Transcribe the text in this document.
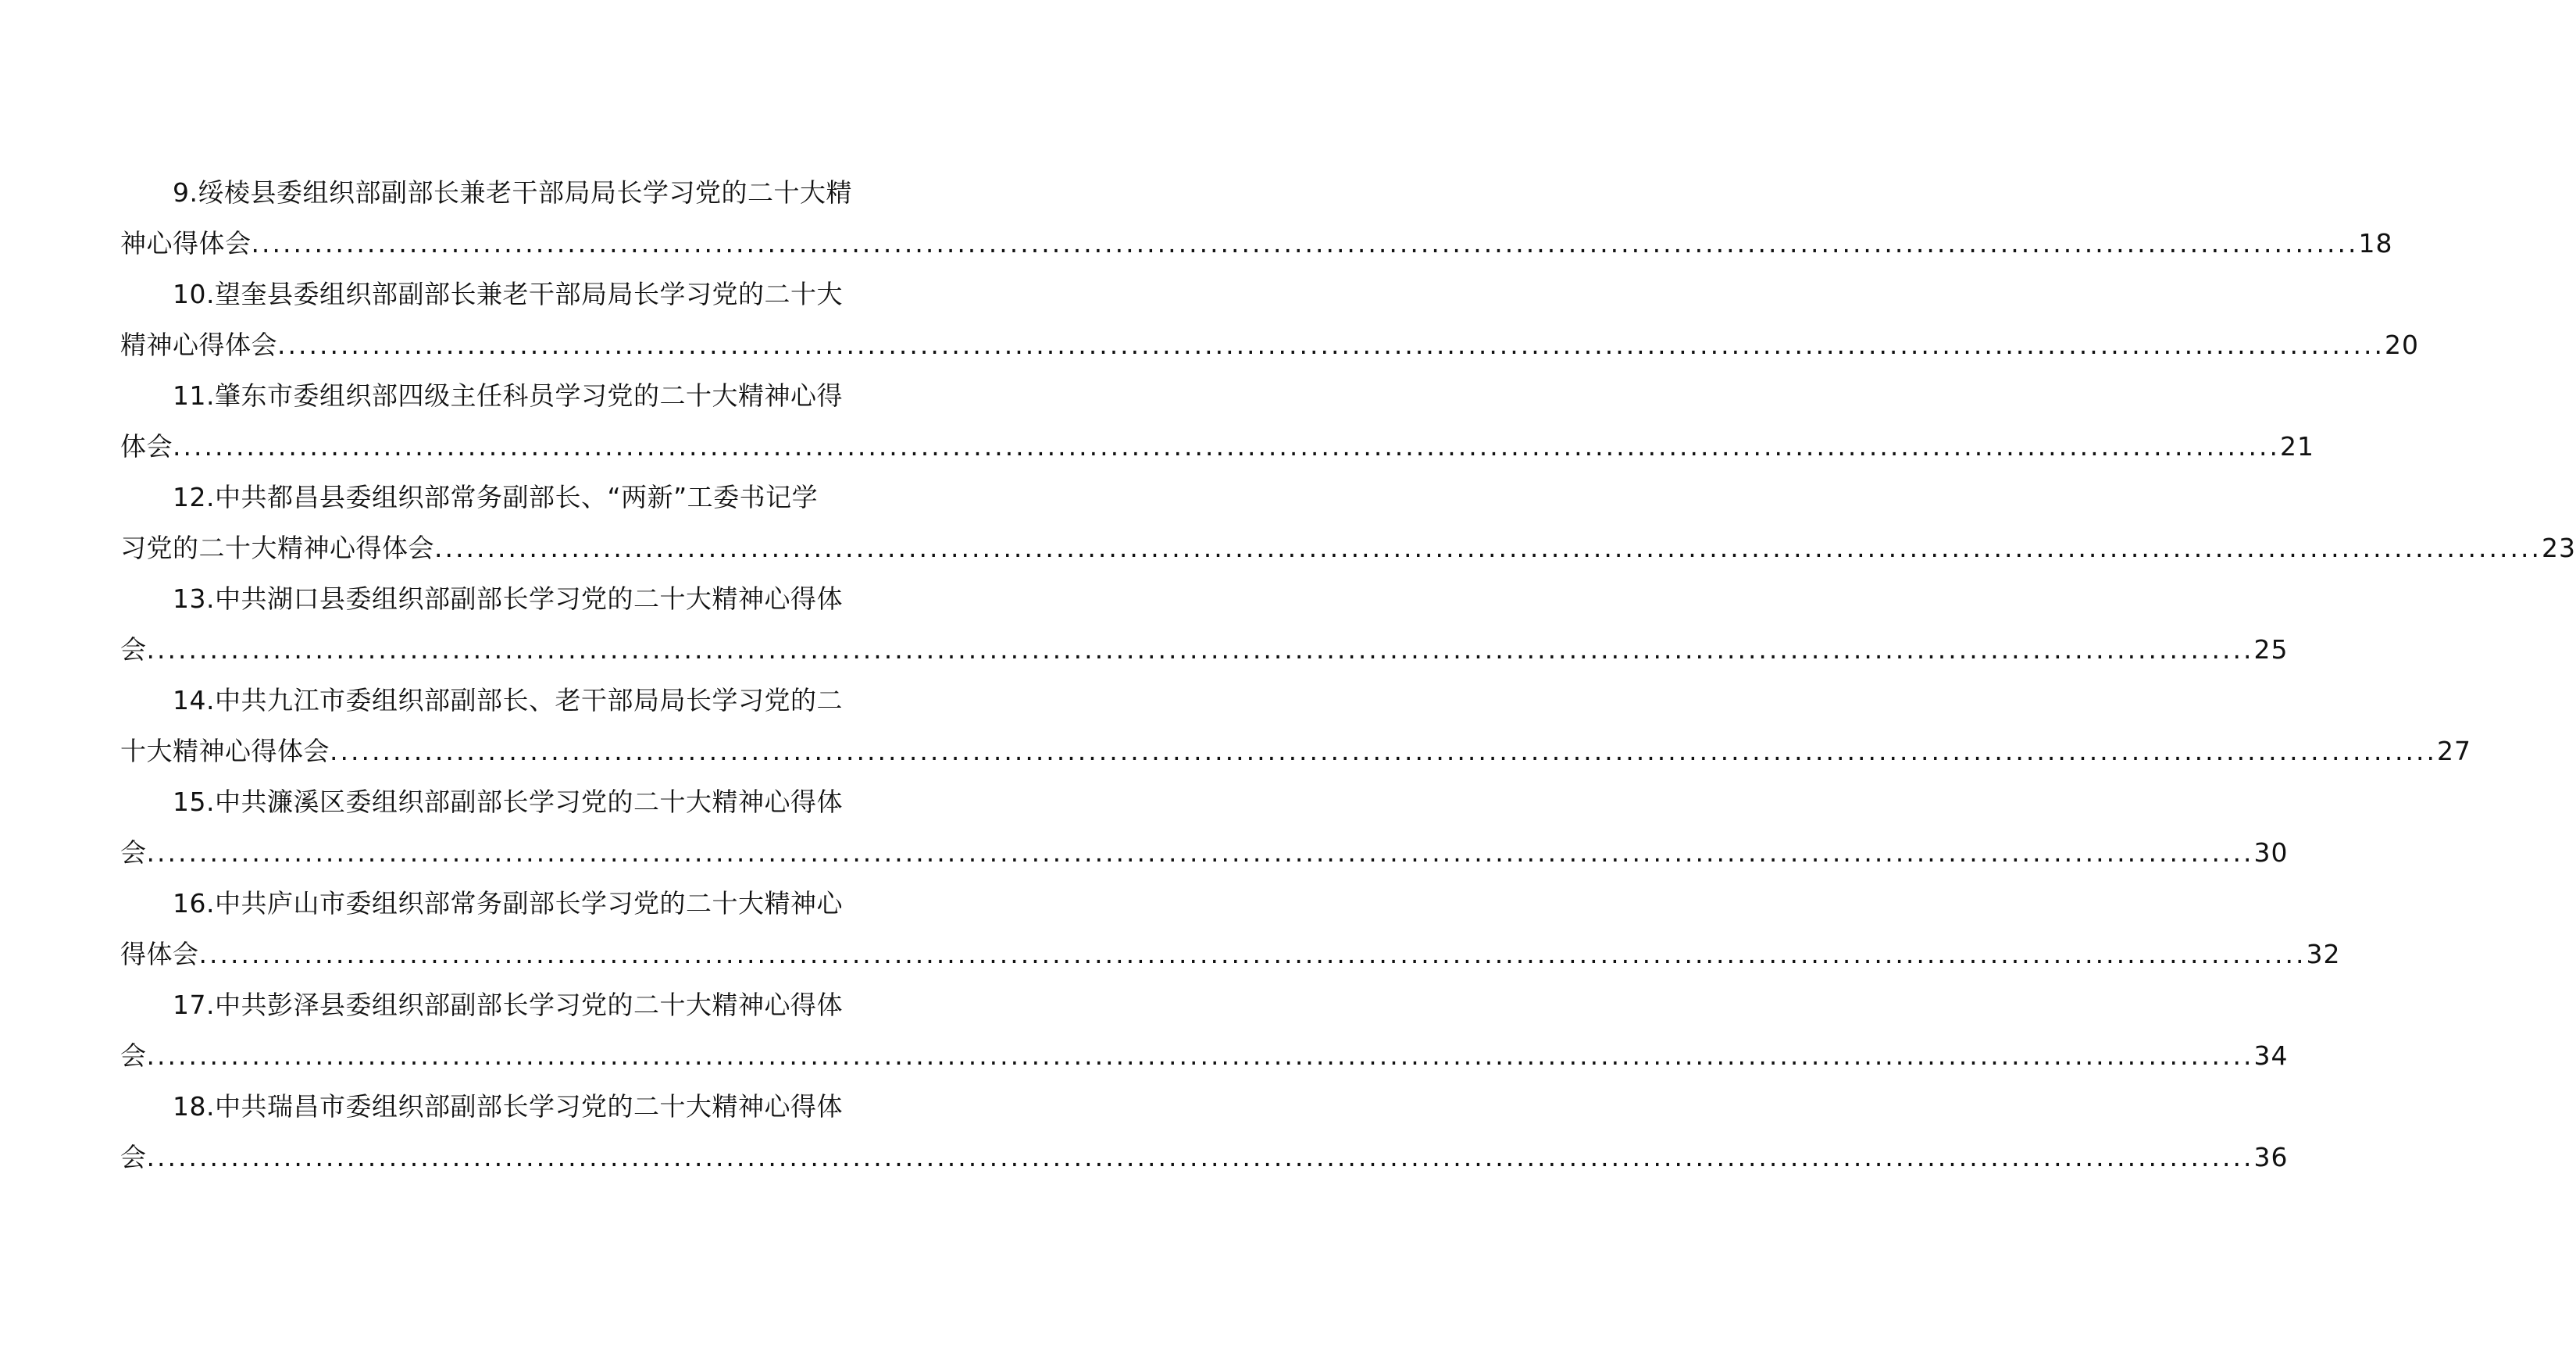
9.绥棱县委组织部副部长兼老干部局局长学习党的二十大精
神心得体会 ........................................................................................................................................................................................................ 18
10.望奎县委组织部副部长兼老干部局局长学习党的二十大
精神心得体会 ........................................................................................................................................................................................................ 20
11.肇东市委组织部四级主任科员学习党的二十大精神心得
体会 ........................................................................................................................................................................................................ 21
12.中共都昌县委组织部常务副部长、“两新”工委书记学
习党的二十大精神心得体会 ........................................................................................................................................................................................................ 23
13.中共湖口县委组织部副部长学习党的二十大精神心得体
会 ........................................................................................................................................................................................................ 25
14.中共九江市委组织部副部长、老干部局局长学习党的二
十大精神心得体会 ........................................................................................................................................................................................................ 27
15.中共濂溪区委组织部副部长学习党的二十大精神心得体
会 ........................................................................................................................................................................................................ 30
16.中共庐山市委组织部常务副部长学习党的二十大精神心
得体会 ........................................................................................................................................................................................................ 32
17.中共彭泽县委组织部副部长学习党的二十大精神心得体
会 ........................................................................................................................................................................................................ 34
18.中共瑞昌市委组织部副部长学习党的二十大精神心得体
会 ........................................................................................................................................................................................................ 36
